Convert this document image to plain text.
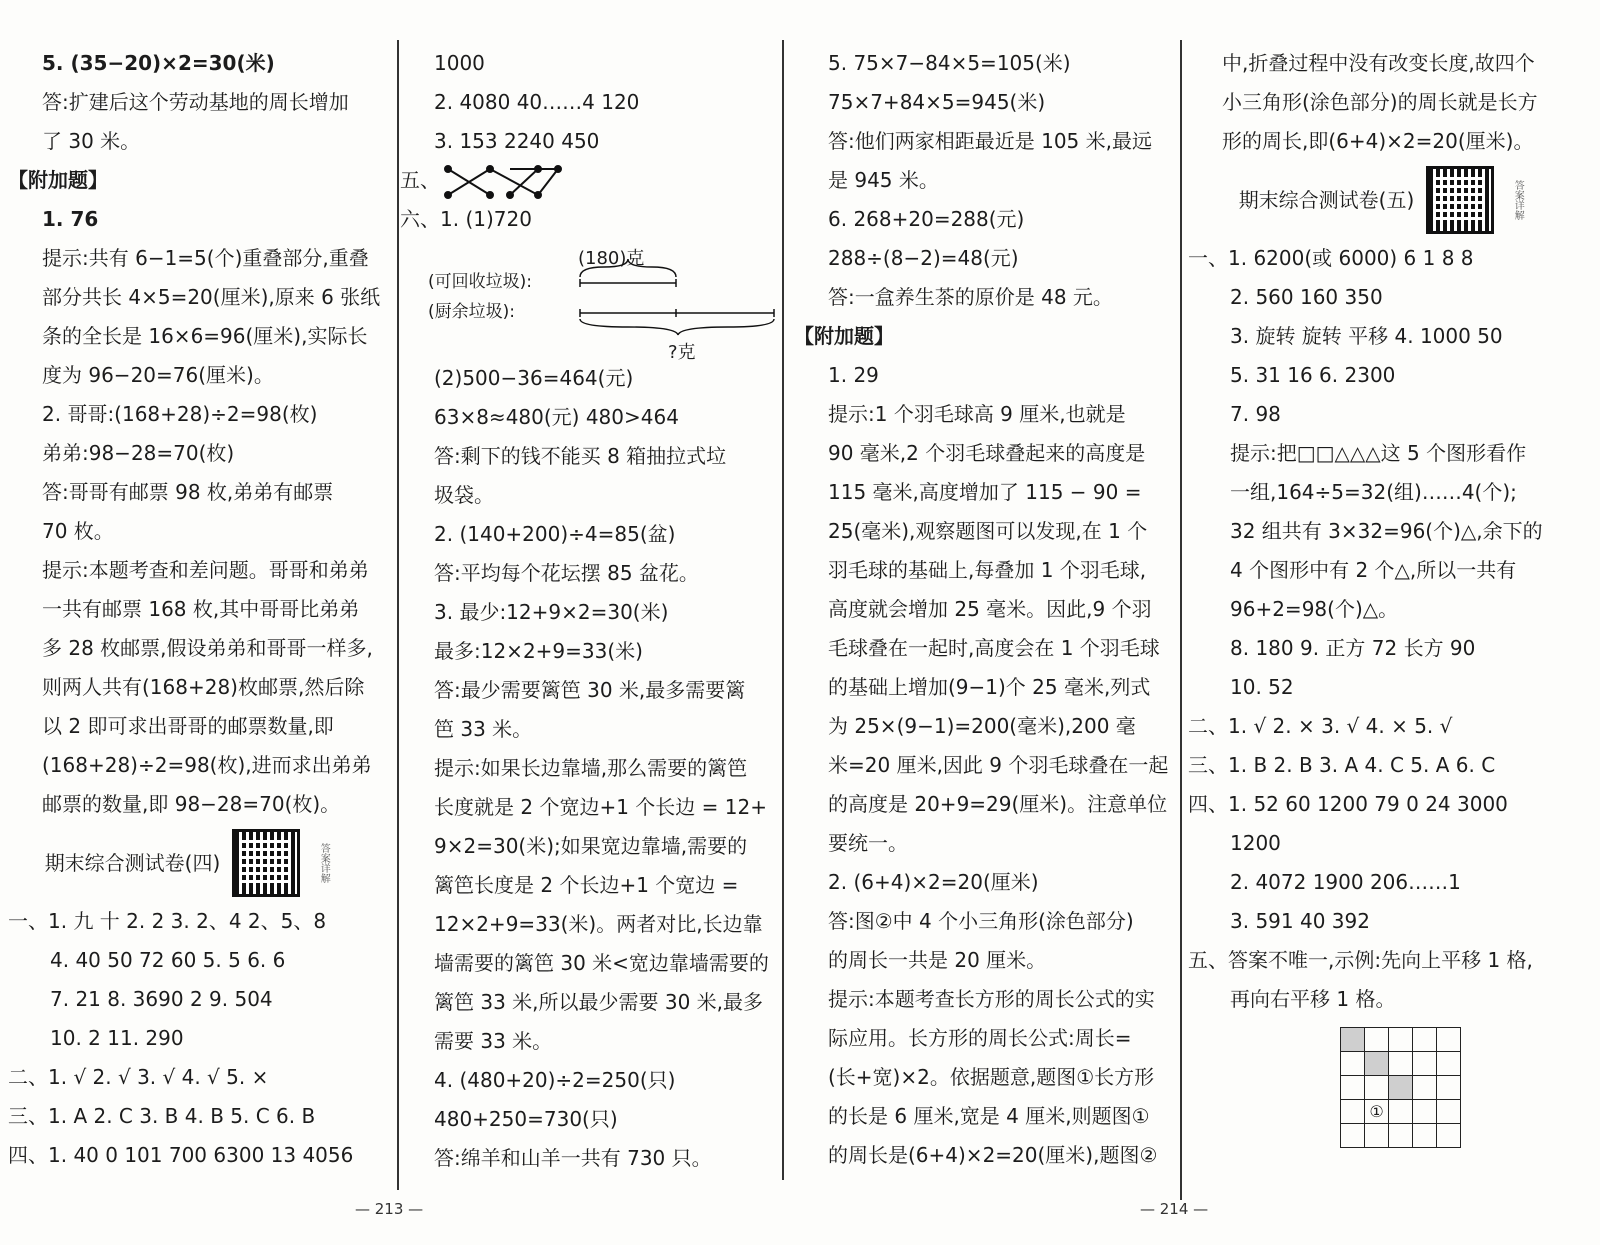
5. (35−20)×2=30(米)
答:扩建后这个劳动基地的周长增加
了 30 米。
【附加题】
1. 76
提示:共有 6−1=5(个)重叠部分,重叠
部分共长 4×5=20(厘米),原来 6 张纸
条的全长是 16×6=96(厘米),实际长
度为 96−20=76(厘米)。
2. 哥哥:(168+28)÷2=98(枚)
弟弟:98−28=70(枚)
答:哥哥有邮票 98 枚,弟弟有邮票
70 枚。
提示:本题考查和差问题。哥哥和弟弟
一共有邮票 168 枚,其中哥哥比弟弟
多 28 枚邮票,假设弟弟和哥哥一样多,
则两人共有(168+28)枚邮票,然后除
以 2 即可求出哥哥的邮票数量,即
(168+28)÷2=98(枚),进而求出弟弟
邮票的数量,即 98−28=70(枚)。
期末综合测试卷(四)	答案详解
一、1. 九 十 2. 2 3. 2、4 2、5、8
4. 40 50 72 60 5. 5 6. 6
7. 21 8. 3690 2 9. 504
10. 2 11. 290
二、1. √ 2. √ 3. √ 4. √ 5. ×
三、1. A 2. C 3. B 4. B 5. C 6. B
四、1. 40 0 101 700 6300 13 4056
1000
2. 4080 40……4 120
3. 153 2240 450
五、
六、1. (1)720
(180)克
(可回收垃圾):
(厨余垃圾):
?克
(2)500−36=464(元)
63×8≈480(元) 480>464
答:剩下的钱不能买 8 箱抽拉式垃
圾袋。
2. (140+200)÷4=85(盆)
答:平均每个花坛摆 85 盆花。
3. 最少:12+9×2=30(米)
最多:12×2+9=33(米)
答:最少需要篱笆 30 米,最多需要篱
笆 33 米。
提示:如果长边靠墙,那么需要的篱笆
长度就是 2 个宽边+1 个长边 = 12+
9×2=30(米);如果宽边靠墙,需要的
篱笆长度是 2 个长边+1 个宽边 =
12×2+9=33(米)。两者对比,长边靠
墙需要的篱笆 30 米<宽边靠墙需要的
篱笆 33 米,所以最少需要 30 米,最多
需要 33 米。
4. (480+20)÷2=250(只)
480+250=730(只)
答:绵羊和山羊一共有 730 只。
5. 75×7−84×5=105(米)
75×7+84×5=945(米)
答:他们两家相距最近是 105 米,最远
是 945 米。
6. 268+20=288(元)
288÷(8−2)=48(元)
答:一盒养生茶的原价是 48 元。
【附加题】
1. 29
提示:1 个羽毛球高 9 厘米,也就是
90 毫米,2 个羽毛球叠起来的高度是
115 毫米,高度增加了 115 − 90 =
25(毫米),观察题图可以发现,在 1 个
羽毛球的基础上,每叠加 1 个羽毛球,
高度就会增加 25 毫米。因此,9 个羽
毛球叠在一起时,高度会在 1 个羽毛球
的基础上增加(9−1)个 25 毫米,列式
为 25×(9−1)=200(毫米),200 毫
米=20 厘米,因此 9 个羽毛球叠在一起
的高度是 20+9=29(厘米)。注意单位
要统一。
2. (6+4)×2=20(厘米)
答:图②中 4 个小三角形(涂色部分)
的周长一共是 20 厘米。
提示:本题考查长方形的周长公式的实
际应用。长方形的周长公式:周长=
(长+宽)×2。依据题意,题图①长方形
的长是 6 厘米,宽是 4 厘米,则题图①
的周长是(6+4)×2=20(厘米),题图②
中,折叠过程中没有改变长度,故四个
小三角形(涂色部分)的周长就是长方
形的周长,即(6+4)×2=20(厘米)。
期末综合测试卷(五)	答案详解
一、1. 6200(或 6000) 6 1 8 8
2. 560 160 350
3. 旋转 旋转 平移 4. 1000 50
5. 31 16 6. 2300
7. 98
提示:把□□△△△这 5 个图形看作
一组,164÷5=32(组)……4(个);
32 组共有 3×32=96(个)△,余下的
4 个图形中有 2 个△,所以一共有
96+2=98(个)△。
8. 180 9. 正方 72 长方 90
10. 52
二、1. √ 2. × 3. √ 4. × 5. √
三、1. B 2. B 3. A 4. C 5. A 6. C
四、1. 52 60 1200 79 0 24 3000
1200
2. 4072 1900 206……1
3. 591 40 392
五、答案不唯一,示例:先向上平移 1 格,
再向右平移 1 格。
①
— 213 —	— 214 —
